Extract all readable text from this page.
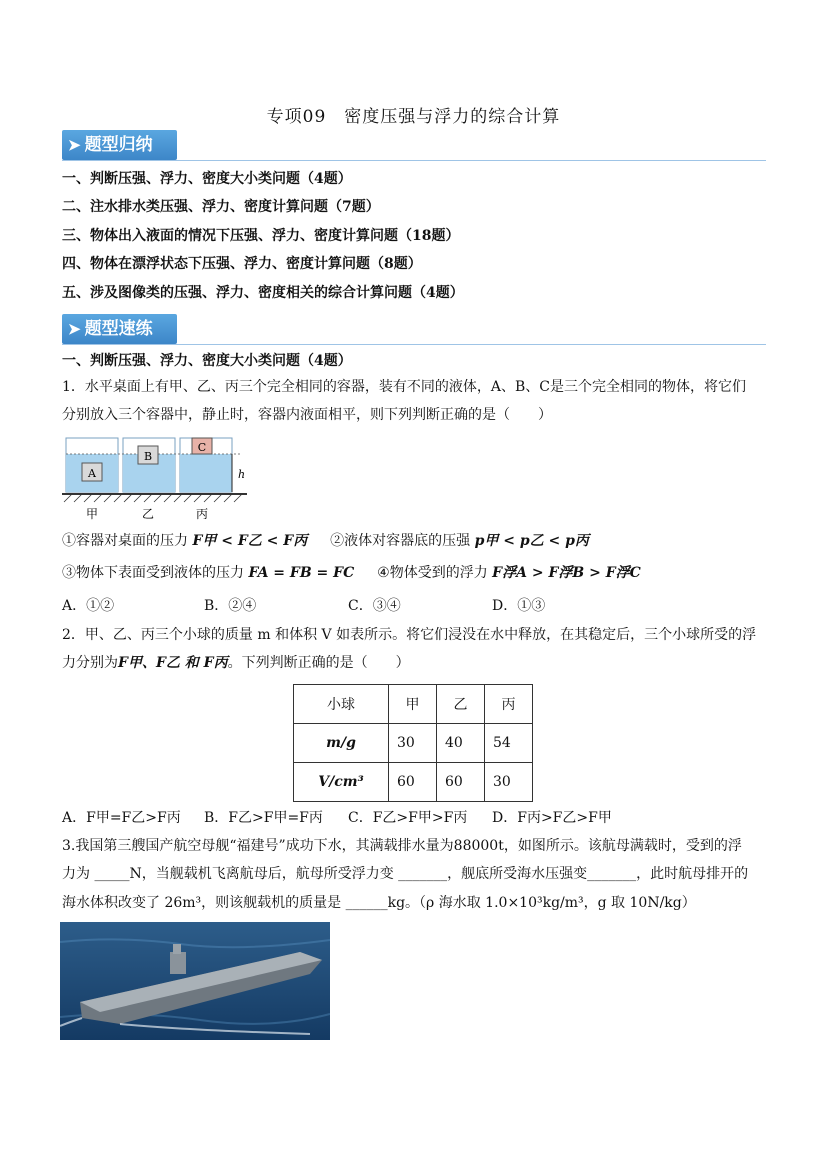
专项09　密度压强与浮力的综合计算
➤ 题型归纳
一、判断压强、浮力、密度大小类问题（4题）
二、注水排水类压强、浮力、密度计算问题（7题）
三、物体出入液面的情况下压强、浮力、密度计算问题（18题）
四、物体在漂浮状态下压强、浮力、密度计算问题（8题）
五、涉及图像类的压强、浮力、密度相关的综合计算问题（4题）
➤ 题型速练
一、判断压强、浮力、密度大小类问题（4题）
1．水平桌面上有甲、乙、丙三个完全相同的容器，装有不同的液体，A、B、C是三个完全相同的物体，将它们
分别放入三个容器中，静止时，容器内液面相平，则下列判断正确的是（　　）
A
B
C
h
甲	乙	丙
①容器对桌面的压力 F甲 < F乙 < F丙 ②液体对容器底的压强 p甲 < p乙 < p丙
③物体下表面受到液体的压力 FA = FB = FC ④物体受到的浮力 F浮A > F浮B > F浮C
A．①②	B．②④	C．③④	D．①③
2．甲、乙、丙三个小球的质量 m 和体积 V 如表所示。将它们浸没在水中释放，在其稳定后，三个小球所受的浮
力分别为F甲、F乙 和 F丙。下列判断正确的是（　　）
小球	甲	乙	丙
m/g	30	40	54
V/cm³	60	60	30
A．F甲=F乙>F丙 B．F乙>F甲=F丙 C．F乙>F甲>F丙 D．F丙>F乙>F甲
3.我国第三艘国产航空母舰“福建号”成功下水，其满载排水量为88000t，如图所示。该航母满载时，受到的浮
力为 _____N，当舰载机飞离航母后，航母所受浮力变 _______，舰底所受海水压强变_______，此时航母排开的
海水体积改变了 26m³，则该舰载机的质量是 ______kg。（ρ 海水取 1.0×10³kg/m³，g 取 10N/kg）
